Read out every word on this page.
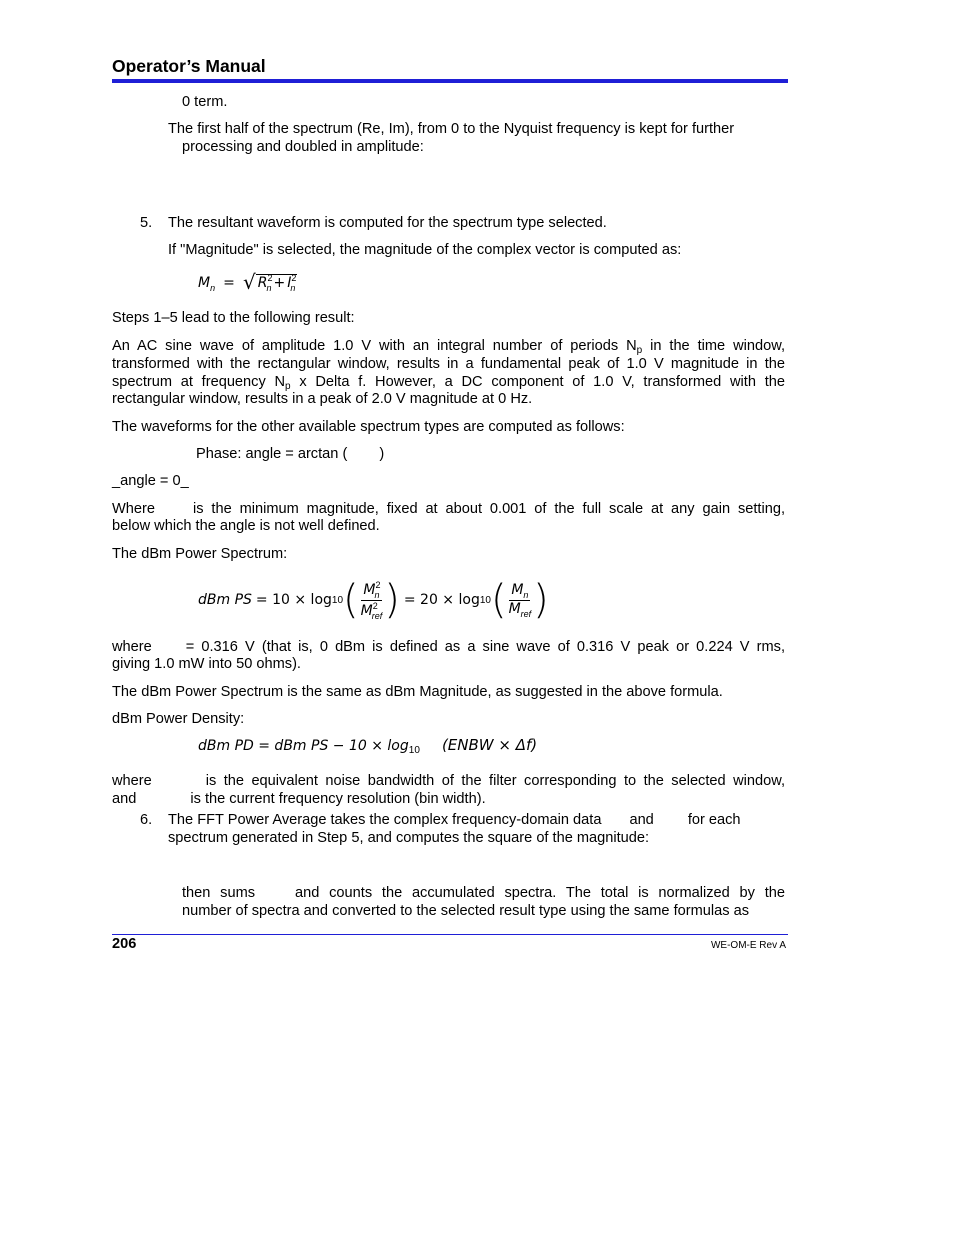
Operator’s Manual
0 term.
The first half of the spectrum (Re, Im), from 0 to the Nyquist frequency is kept for further
processing and doubled in amplitude:
5. The resultant waveform is computed for the spectrum type selected.
If "Magnitude" is selected, the magnitude of the complex vector is computed as:
$M_n$ = √ $R^2_n + I^2_n$
Steps 1–5 lead to the following result:
An AC sine wave of amplitude 1.0 V with an integral number of periods $N_p$ in the time window,
transformed with the rectangular window, results in a fundamental peak of 1.0 V magnitude in the
spectrum at frequency $N_p$ x Delta f. However, a DC component of 1.0 V, transformed with the
rectangular window, results in a peak of 2.0 V magnitude at 0 Hz.
The waveforms for the other available spectrum types are computed as follows:
Phase: angle = arctan ( )
_angle = 0_
Where	is the minimum magnitude, fixed at about 0.001 of the full scale at any gain setting,
below which the angle is not well defined.
The dBm Power Spectrum:
dBm PS = 10 × log 10 ( $\frac{M^2_n}{M^2_{ref}}$ ) = 20 × log 10 ( $\frac{M_n}{M_{ref}}$ )
where = 0.316 V (that is, 0 dBm is defined as a sine wave of 0.316 V peak or 0.224 V rms,
giving 1.0 mW into 50 ohms).
The dBm Power Spectrum is the same as dBm Magnitude, as suggested in the above formula.
dBm Power Density:
dBm PD = dBm PS − $10 \times \log_{10}$ (ENBW × Δf)
where	is the equivalent noise bandwidth of the filter corresponding to the selected window,
and	is the current frequency resolution (bin width).
6. The FFT Power Average takes the complex frequency-domain data and for each
spectrum generated in Step 5, and computes the square of the magnitude:
then sums	and counts the accumulated spectra. The total is normalized by the
number of spectra and converted to the selected result type using the same formulas as
206	WE-OM-E Rev A
